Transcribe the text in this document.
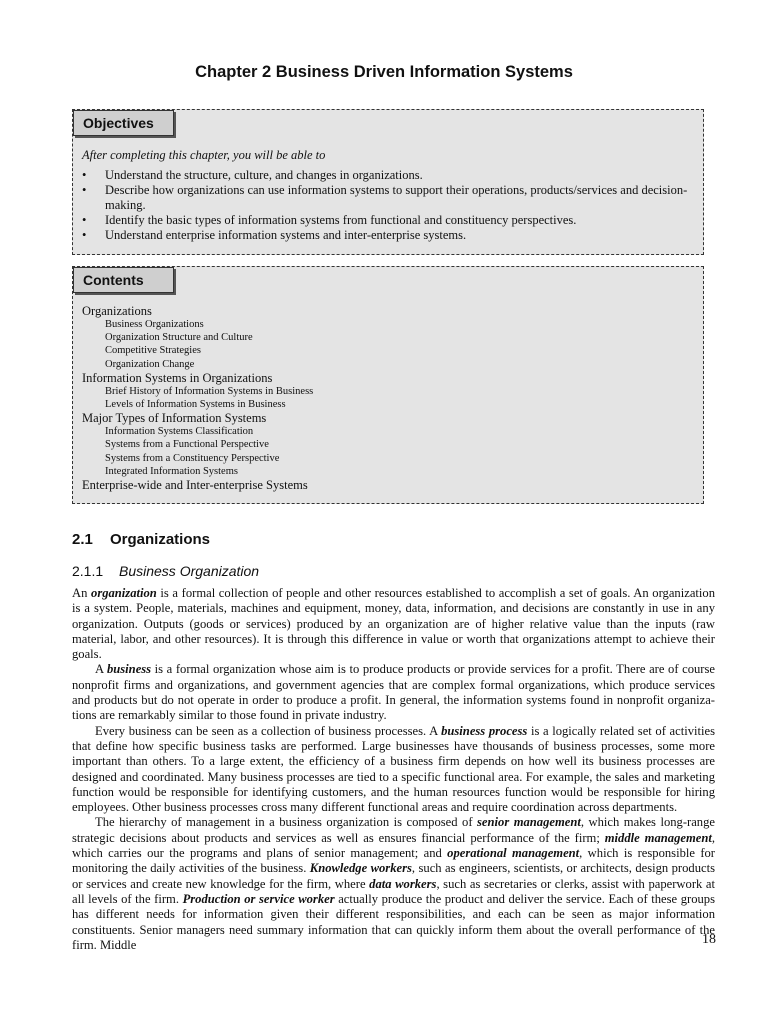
Chapter 2 Business Driven Information Systems
Objectives
After completing this chapter, you will be able to
• Understand the structure, culture, and changes in organizations.
• Describe how organizations can use information systems to support their operations, products/services and decision-making.
• Identify the basic types of information systems from functional and constituency perspectives.
• Understand enterprise information systems and inter-enterprise systems.
Contents
Organizations
Business Organizations
Organization Structure and Culture
Competitive Strategies
Organization Change
Information Systems in Organizations
Brief History of Information Systems in Business
Levels of Information Systems in Business
Major Types of Information Systems
Information Systems Classification
Systems from a Functional Perspective
Systems from a Constituency Perspective
Integrated Information Systems
Enterprise-wide and Inter-enterprise Systems
2.1 Organizations
2.1.1 Business Organization

An organization is a formal collection of people and other resources established to accomplish a set of goals. An organization is a system. People, materials, machines and equipment, money, data, information, and decisions are constantly in use in any organization. Outputs (goods or services) produced by an organization are of higher relative value than the inputs (raw material, labor, and other resources). It is through this difference in value or worth that organizations attempt to achieve their goals.

A business is a formal organization whose aim is to produce products or provide services for a profit. There are of course nonprofit firms and organizations, and government agencies that are complex formal organizations, which produce services and products but do not operate in order to produce a profit. In general, the information systems found in nonprofit organiza-tions are remarkably similar to those found in private industry.

Every business can be seen as a collection of business processes. A business process is a logically related set of activities that define how specific business tasks are performed. Large businesses have thousands of business processes, some more important than others. To a large extent, the efficiency of a business firm depends on how well its business processes are designed and coordinated. Many business processes are tied to a specific functional area. For example, the sales and marketing function would be responsible for identifying customers, and the human resources function would be responsible for hiring employees. Other business processes cross many different functional areas and require coordination across departments.

The hierarchy of management in a business organization is composed of senior management, which makes long-range strategic decisions about products and services as well as ensures financial performance of the firm; middle management, which carries our the programs and plans of senior management; and operational management, which is responsible for monitoring the daily activities of the business. Knowledge workers, such as engineers, scientists, or architects, design products or services and create new knowledge for the firm, where data workers, such as secretaries or clerks, assist with paperwork at all levels of the firm. Production or service worker actually produce the product and deliver the service. Each of these groups has different needs for information given their different responsibilities, and each can be seen as major information constituents. Senior managers need summary information that can quickly inform them about the overall performance of the firm. Middle	18
